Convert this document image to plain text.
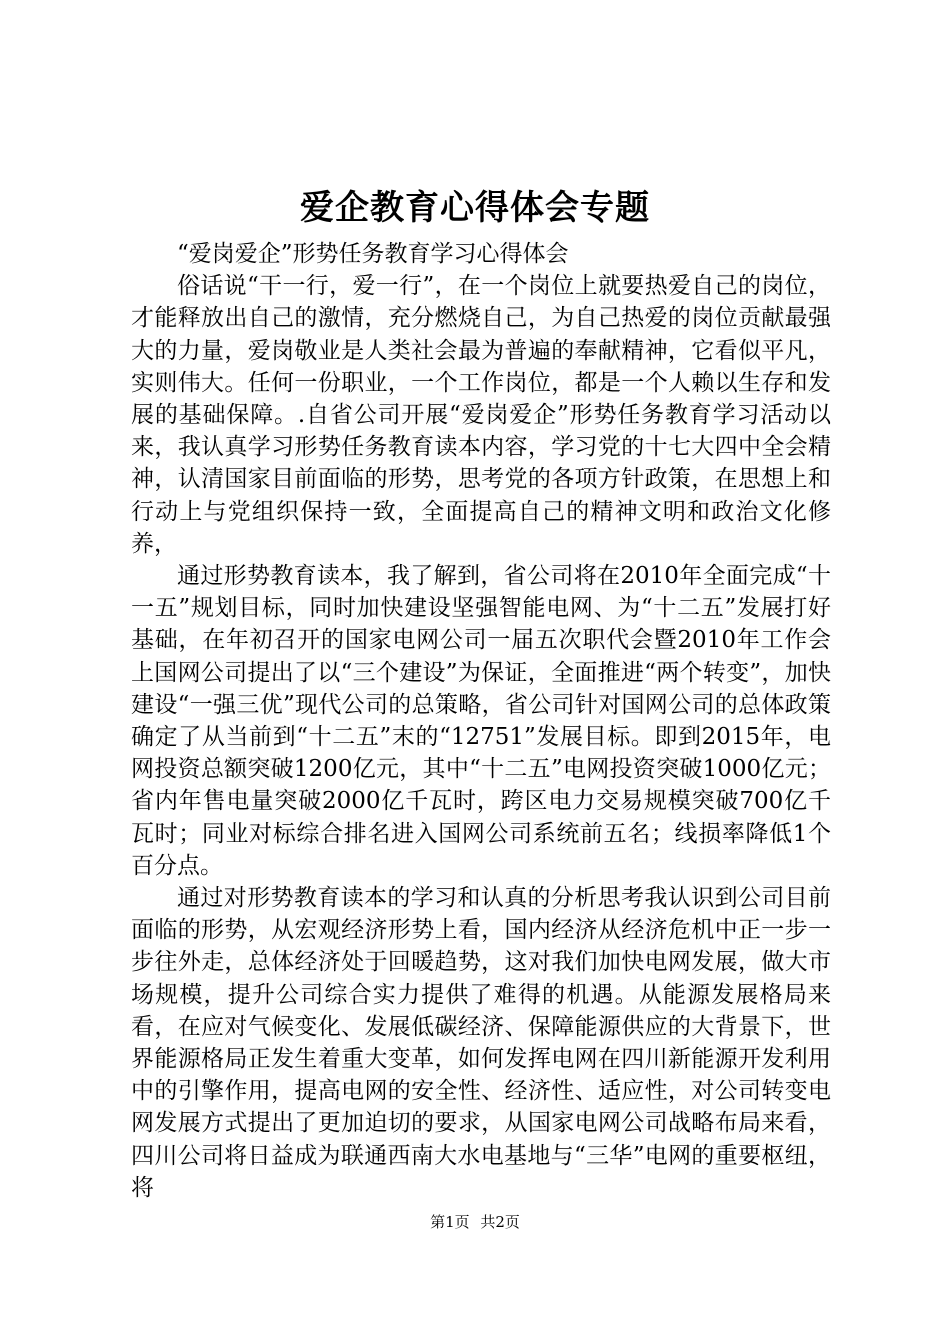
爱企教育心得体会专题

“爱岗爱企”形势任务教育学习心得体会

俗话说“干一行，爱一行”，在一个岗位上就要热爱自己的岗位，才能释放出自己的激情，充分燃烧自己，为自己热爱的岗位贡献最强大的力量，爱岗敬业是人类社会最为普遍的奉献精神，它看似平凡，实则伟大。任何一份职业，一个工作岗位，都是一个人赖以生存和发展的基础保障。.自省公司开展“爱岗爱企”形势任务教育学习活动以来，我认真学习形势任务教育读本内容，学习党的十七大四中全会精神，认清国家目前面临的形势，思考党的各项方针政策，在思想上和行动上与党组织保持一致，全面提高自己的精神文明和政治文化修养，

通过形势教育读本，我了解到，省公司将在2010年全面完成“十一五”规划目标，同时加快建设坚强智能电网、为“十二五”发展打好基础，在年初召开的国家电网公司一届五次职代会暨2010年工作会上国网公司提出了以“三个建设”为保证，全面推进“两个转变”，加快建设“一强三优”现代公司的总策略，省公司针对国网公司的总体政策确定了从当前到“十二五”末的“12751”发展目标。即到2015年，电网投资总额突破1200亿元，其中“十二五”电网投资突破1000亿元；省内年售电量突破2000亿千瓦时，跨区电力交易规模突破700亿千瓦时；同业对标综合排名进入国网公司系统前五名；线损率降低1个百分点。

通过对形势教育读本的学习和认真的分析思考我认识到公司目前面临的形势，从宏观经济形势上看，国内经济从经济危机中正一步一步往外走，总体经济处于回暖趋势，这对我们加快电网发展，做大市场规模，提升公司综合实力提供了难得的机遇。从能源发展格局来看，在应对气候变化、发展低碳经济、保障能源供应的大背景下，世界能源格局正发生着重大变革，如何发挥电网在四川新能源开发利用中的引擎作用，提高电网的安全性、经济性、适应性，对公司转变电网发展方式提出了更加迫切的要求，从国家电网公司战略布局来看，四川公司将日益成为联通西南大水电基地与“三华”电网的重要枢纽，将

第1页 共2页
